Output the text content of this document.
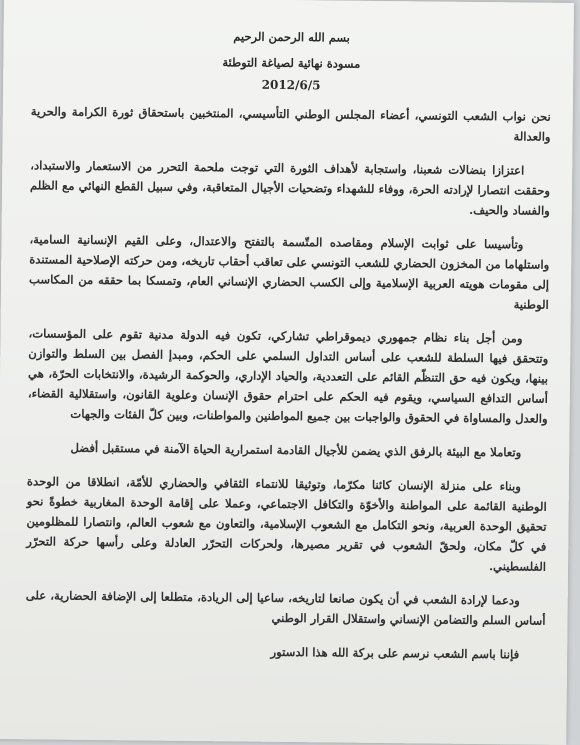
بسم الله الرحمن الرحيم

مسودة نهائية لصياغة التوطئة

2012/6/5

نحن نواب الشعب التونسي، أعضاء المجلس الوطني التأسيسي، المنتخبين باستحقاق ثورة الكرامة والحرية والعدالة

اعتزازا بنضالات شعبنا، واستجابة لأهداف الثورة التي توجت ملحمة التحرر من الاستعمار والاستبداد، وحققت انتصارا لإرادته الحرة، ووفاء للشهداء وتضحيات الأجيال المتعاقبة، وفي سبيل القطع النهائي مع الظلم والفساد والحيف.

وتأسيسا على ثوابت الإسلام ومقاصده المتّسمة بالتفتح والاعتدال، وعلى القيم الإنسانية السامية، واستلهاما من المخزون الحضاري للشعب التونسي على تعاقب أحقاب تاريخه، ومن حركته الإصلاحية المستندة إلى مقومات هويته العربية الإسلامية وإلى الكسب الحضاري الإنساني العام، وتمسكا بما حققه من المكاسب الوطنية

ومن أجل بناء نظام جمهوري ديموقراطي تشاركي، تكون فيه الدولة مدنية تقوم على المؤسسات، وتتحقق فيها السلطة للشعب على أساس التداول السلمي على الحكم، ومبدإ الفصل بين السلط والتوازن بينها، ويكون فيه حق التنظّم القائم على التعددية، والحياد الإداري، والحوكمة الرشيدة، والانتخابات الحرّة، هي أساس التدافع السياسي، ويقوم فيه الحكم على احترام حقوق الإنسان وعلوية القانون، واستقلالية القضاء، والعدل والمساواة في الحقوق والواجبات بين جميع المواطنين والمواطنات، وبين كلّ الفئات والجهات

وتعاملا مع البيئة بالرفق الذي يضمن للأجيال القادمة استمرارية الحياة الآمنة في مستقبل أفضل

وبناء على منزلة الإنسان كائنا مكرّما، وتوثيقا للانتماء الثقافي والحضاري للأمّة، انطلاقا من الوحدة الوطنية القائمة على المواطنة والأخوّة والتكافل الاجتماعي، وعملا على إقامة الوحدة المغاربية خطوةً نحو تحقيق الوحدة العربية، ونحو التكامل مع الشعوب الإسلامية، والتعاون مع شعوب العالم، وانتصارا للمظلومين في كلّ مكان، ولحقّ الشعوب في تقرير مصيرها، ولحركات التحرّر العادلة وعلى رأسها حركة التحرّر الفلسطيني.

ودعما لإرادة الشعب في أن يكون صانعا لتاريخه، ساعيا إلى الريادة، متطلعا إلى الإضافة الحضارية، على أساس السلم والتضامن الإنساني واستقلال القرار الوطني

فإننا باسم الشعب نرسم على بركة الله هذا الدستور
